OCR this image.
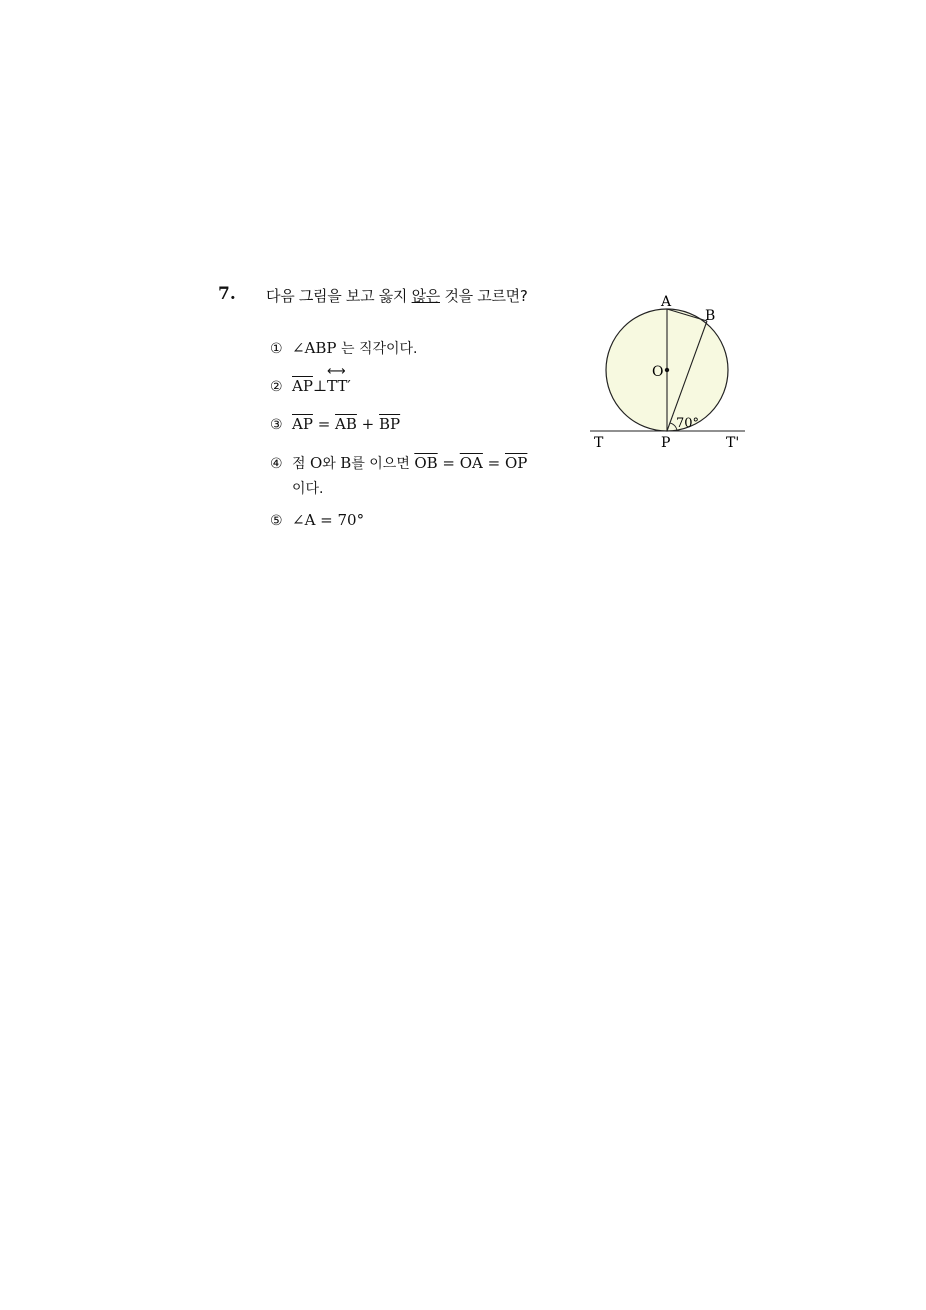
7. 다음 그림을 보고 옳지 않은 것을 고르면?
① ∠ABP 는 직각이다.
② $\overline{AP}\perp TT'$
⟷
③ $\overline{AP} = \overline{AB} + \overline{BP}$
④ 점 O와 B를 이으면 $\overline{OB} = \overline{OA} = \overline{OP}$
이다.
⑤ ∠A = 70°
A
B
O
P
T	T'
70°
